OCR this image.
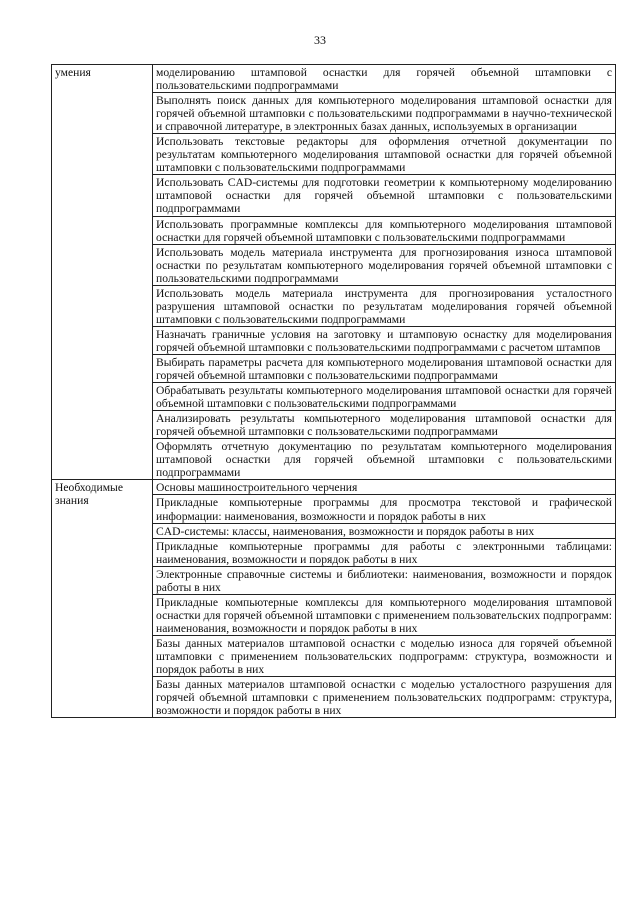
33
умения	моделированию штамповой оснастки для горячей объемной штамповки с пользовательскими подпрограммами
	Выполнять поиск данных для компьютерного моделирования штамповой оснастки для горячей объемной штамповки с пользовательскими подпрограммами в научно-технической и справочной литературе, в электронных базах данных, используемых в организации
	Использовать текстовые редакторы для оформления отчетной документации по результатам компьютерного моделирования штамповой оснастки для горячей объемной штамповки с пользовательскими подпрограммами
	Использовать CAD-системы для подготовки геометрии к компьютерному моделированию штамповой оснастки для горячей объемной штамповки с пользовательскими подпрограммами
	Использовать программные комплексы для компьютерного моделирования штамповой оснастки для горячей объемной штамповки с пользовательскими подпрограммами
	Использовать модель материала инструмента для прогнозирования износа штамповой оснастки по результатам компьютерного моделирования горячей объемной штамповки с пользовательскими подпрограммами
	Использовать модель материала инструмента для прогнозирования усталостного разрушения штамповой оснастки по результатам моделирования горячей объемной штамповки с пользовательскими подпрограммами
	Назначать граничные условия на заготовку и штамповую оснастку для моделирования горячей объемной штамповки с пользовательскими подпрограммами с расчетом штампов
	Выбирать параметры расчета для компьютерного моделирования штамповой оснастки для горячей объемной штамповки с пользовательскими подпрограммами
	Обрабатывать результаты компьютерного моделирования штамповой оснастки для горячей объемной штамповки с пользовательскими подпрограммами
	Анализировать результаты компьютерного моделирования штамповой оснастки для горячей объемной штамповки с пользовательскими подпрограммами
	Оформлять отчетную документацию по результатам компьютерного моделирования штамповой оснастки для горячей объемной штамповки с пользовательскими подпрограммами

Необходимые знания	Основы машиностроительного черчения
	Прикладные компьютерные программы для просмотра текстовой и графической информации: наименования, возможности и порядок работы в них
	CAD-системы: классы, наименования, возможности и порядок работы в них
	Прикладные компьютерные программы для работы с электронными таблицами: наименования, возможности и порядок работы в них
	Электронные справочные системы и библиотеки: наименования, возможности и порядок работы в них
	Прикладные компьютерные комплексы для компьютерного моделирования штамповой оснастки для горячей объемной штамповки с применением пользовательских подпрограмм: наименования, возможности и порядок работы в них
	Базы данных материалов штамповой оснастки с моделью износа для горячей объемной штамповки с применением пользовательских подпрограмм: структура, возможности и порядок работы в них
	Базы данных материалов штамповой оснастки с моделью усталостного разрушения для горячей объемной штамповки с применением пользовательских подпрограмм: структура, возможности и порядок работы в них
